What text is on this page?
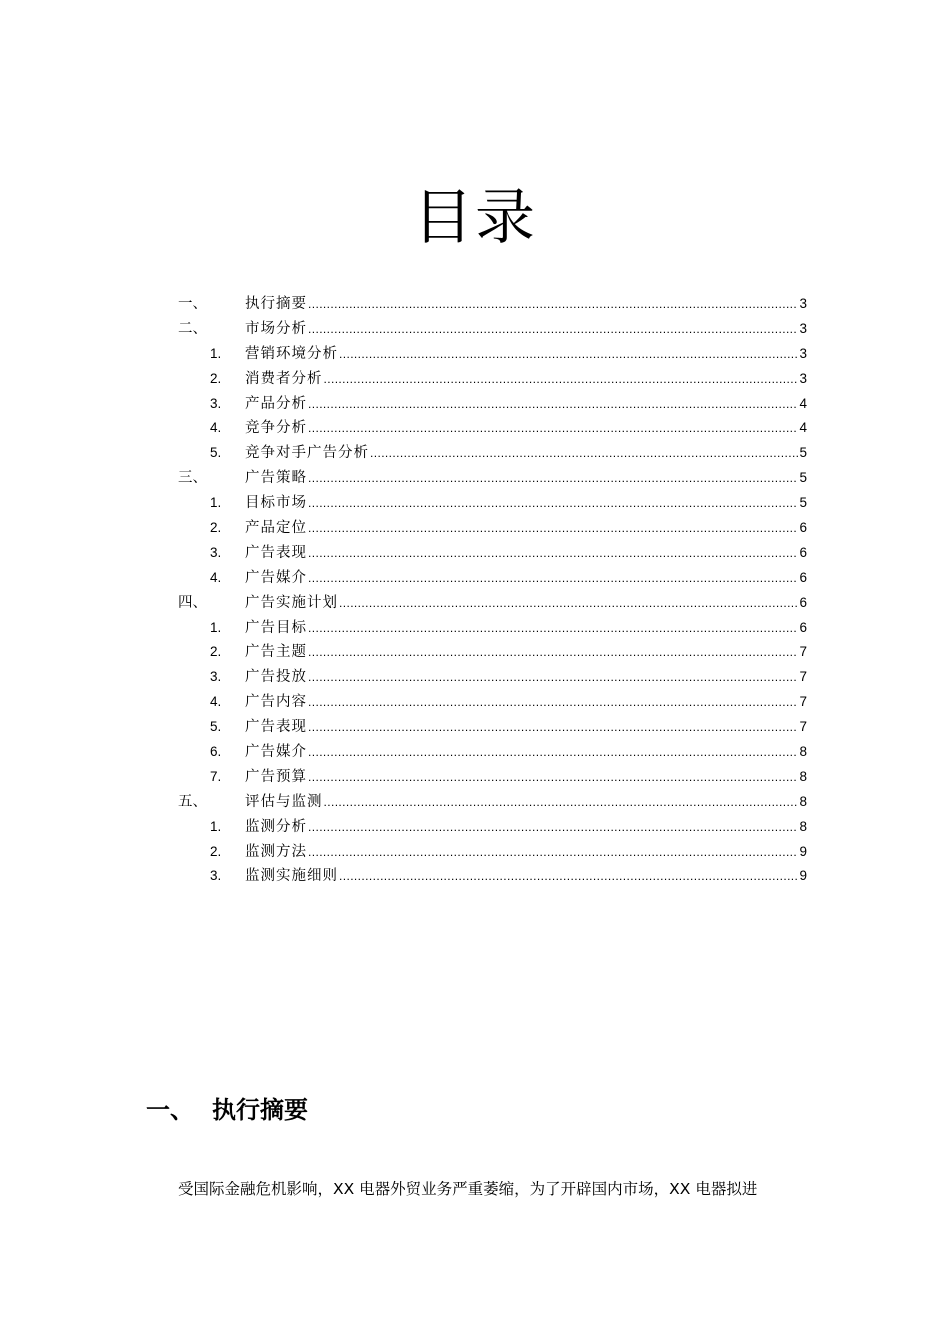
目录
一、	执行摘要 .....	3
二、	市场分析 .....	3
1. 营销环境分析 .....	3
2. 消费者分析 .....	3
3. 产品分析 .....	4
4. 竞争分析 .....	4
5. 竞争对手广告分析 .....	5
三、	广告策略 .....	5
1. 目标市场 .....	5
2. 产品定位 .....	6
3. 广告表现 .....	6
4. 广告媒介 .....	6
四、	广告实施计划 .....	6
1. 广告目标 .....	6
2. 广告主题 .....	7
3. 广告投放 .....	7
4. 广告内容 .....	7
5. 广告表现 .....	7
6. 广告媒介 .....	8
7. 广告预算 .....	8
五、	评估与监测 .....	8
1. 监测分析 .....	8
2. 监测方法 .....	9
3. 监测实施细则 .....	9
一、 执行摘要
受国际金融危机影响，XX 电器外贸业务严重萎缩，为了开辟国内市场，XX 电器拟进
